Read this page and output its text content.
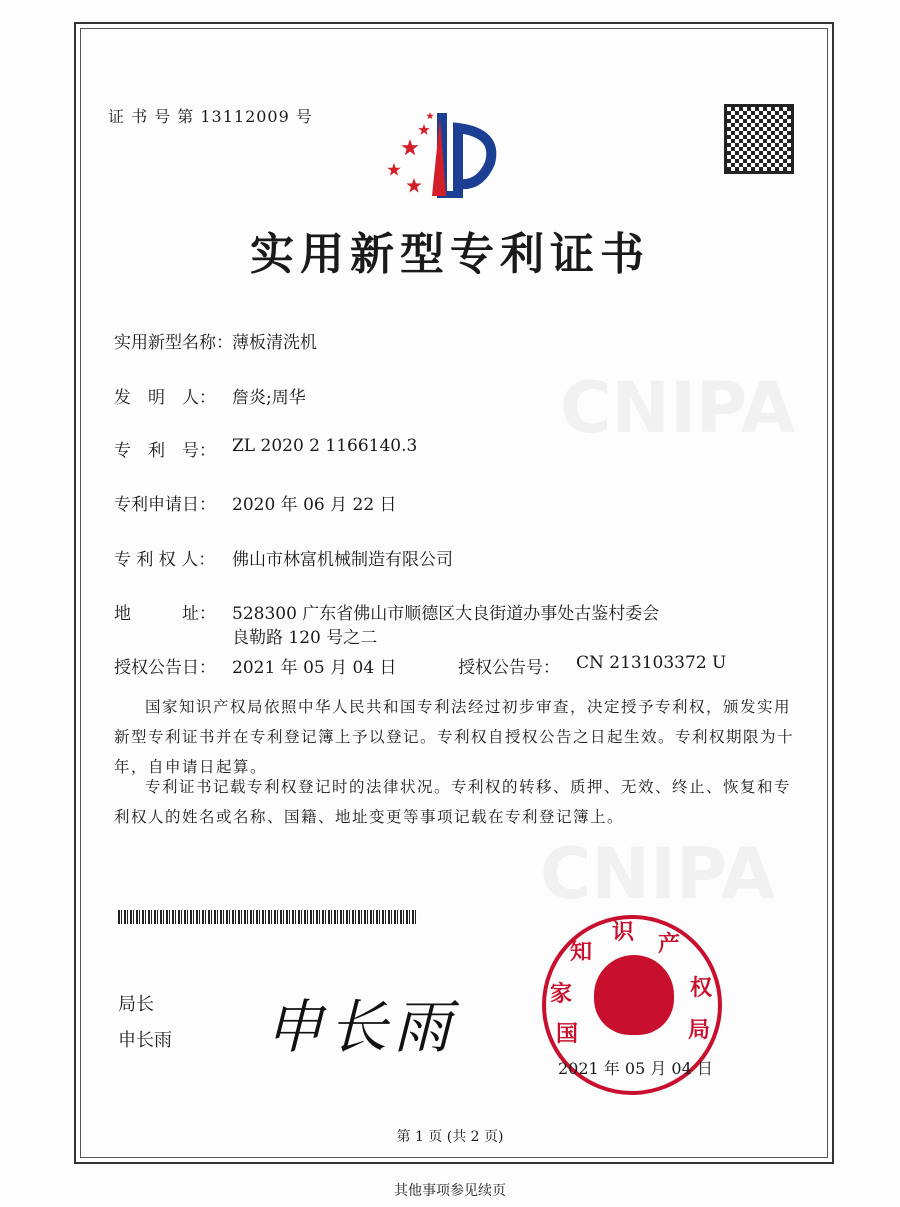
CNIPA
CNIPA
证 书 号 第 13112009 号
实用新型专利证书
实用新型名称： 薄板清洗机
发　明　人： 詹炎;周华
专　利　号： ZL 2020 2 1166140.3
专利申请日： 2020 年 06 月 22 日
专 利 权 人： 佛山市林富机械制造有限公司
地　　　址： 528300 广东省佛山市顺德区大良街道办事处古鉴村委会
良勒路 120 号之二
授权公告日： 2021 年 05 月 04 日	授权公告号： CN 213103372 U
国家知识产权局依照中华人民共和国专利法经过初步审查，决定授予专利权，颁发实用新型专利证书并在专利登记簿上予以登记。专利权自授权公告之日起生效。专利权期限为十年，自申请日起算。
专利证书记载专利权登记时的法律状况。专利权的转移、质押、无效、终止、恢复和专利权人的姓名或名称、国籍、地址变更等事项记载在专利登记簿上。
局长
申长雨 申长雨	国
家
知
识 产
权
局
2021 年 05 月 04 日
第 1 页 (共 2 页)
其他事项参见续页
